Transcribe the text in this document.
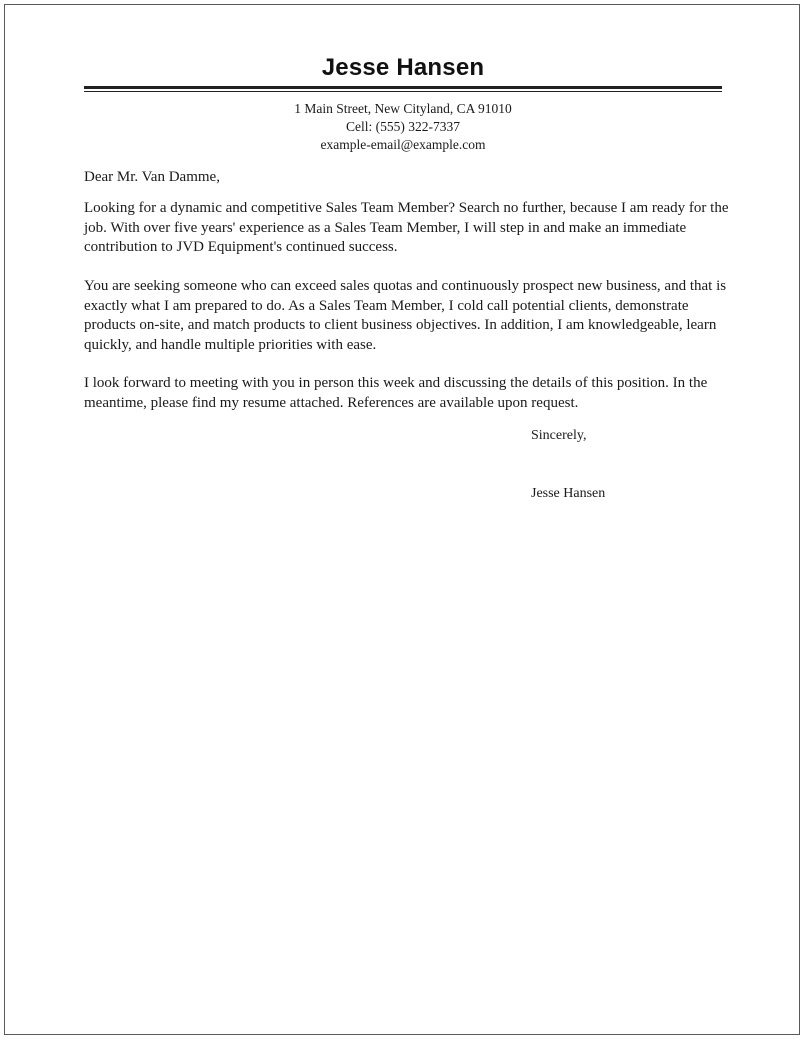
Jesse Hansen
1 Main Street, New Cityland, CA 91010
Cell: (555) 322-7337
example-email@example.com
Dear Mr. Van Damme,

Looking for a dynamic and competitive Sales Team Member? Search no further, because I am ready for the job. With over five years' experience as a Sales Team Member, I will step in and make an immediate contribution to JVD Equipment's continued success.

You are seeking someone who can exceed sales quotas and continuously prospect new business, and that is exactly what I am prepared to do. As a Sales Team Member, I cold call potential clients, demonstrate products on-site, and match products to client business objectives. In addition, I am knowledgeable, learn quickly, and handle multiple priorities with ease.

I look forward to meeting with you in person this week and discussing the details of this position. In the meantime, please find my resume attached. References are available upon request.

Sincerely,
Jesse Hansen
